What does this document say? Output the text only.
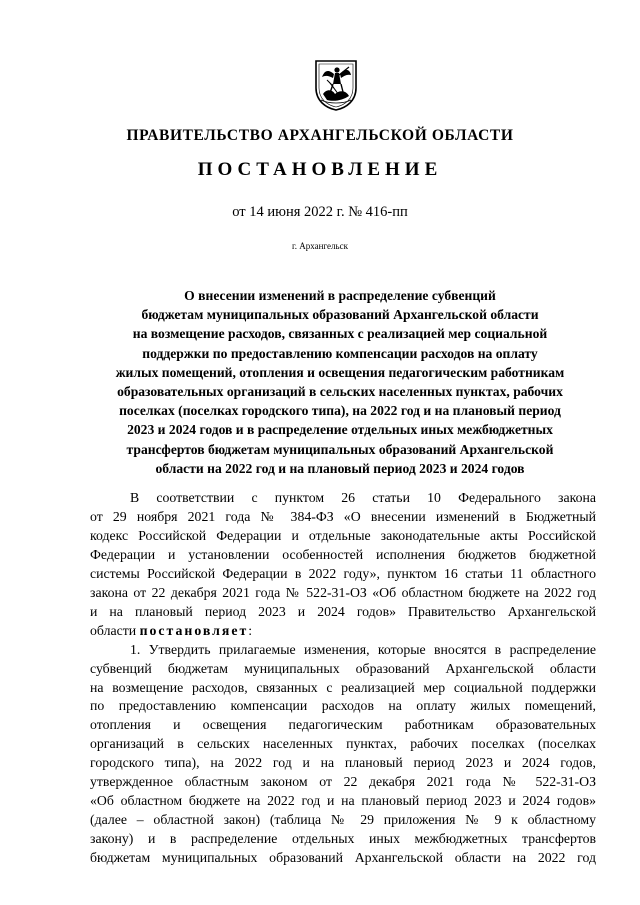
ПРАВИТЕЛЬСТВО АРХАНГЕЛЬСКОЙ ОБЛАСТИ
ПОСТАНОВЛЕНИЕ
от 14 июня 2022 г. № 416-пп
г. Архангельск
О внесении изменений в распределение субвенций
бюджетам муниципальных образований Архангельской области
на возмещение расходов, связанных с реализацией мер социальной
поддержки по предоставлению компенсации расходов на оплату
жилых помещений, отопления и освещения педагогическим работникам
образовательных организаций в сельских населенных пунктах, рабочих
поселках (поселках городского типа), на 2022 год и на плановый период
2023 и 2024 годов и в распределение отдельных иных межбюджетных
трансфертов бюджетам муниципальных образований Архангельской
области на 2022 год и на плановый период 2023 и 2024 годов
В соответствии с пунктом 26 статьи 10 Федерального закона
от 29 ноября 2021 года № 384-ФЗ «О внесении изменений в Бюджетный
кодекс Российской Федерации и отдельные законодательные акты Российской
Федерации и установлении особенностей исполнения бюджетов бюджетной
системы Российской Федерации в 2022 году», пунктом 16 статьи 11 областного
закона от 22 декабря 2021 года № 522-31-ОЗ «Об областном бюджете на 2022 год
и на плановый период 2023 и 2024 годов» Правительство Архангельской
области постановляет:
1. Утвердить прилагаемые изменения, которые вносятся в распределение
субвенций бюджетам муниципальных образований Архангельской области
на возмещение расходов, связанных с реализацией мер социальной поддержки
по предоставлению компенсации расходов на оплату жилых помещений,
отопления и освещения педагогическим работникам образовательных
организаций в сельских населенных пунктах, рабочих поселках (поселках
городского типа), на 2022 год и на плановый период 2023 и 2024 годов,
утвержденное областным законом от 22 декабря 2021 года № 522-31-ОЗ
«Об областном бюджете на 2022 год и на плановый период 2023 и 2024 годов»
(далее – областной закон) (таблица № 29 приложения № 9 к областному
закону) и в распределение отдельных иных межбюджетных трансфертов
бюджетам муниципальных образований Архангельской области на 2022 год
